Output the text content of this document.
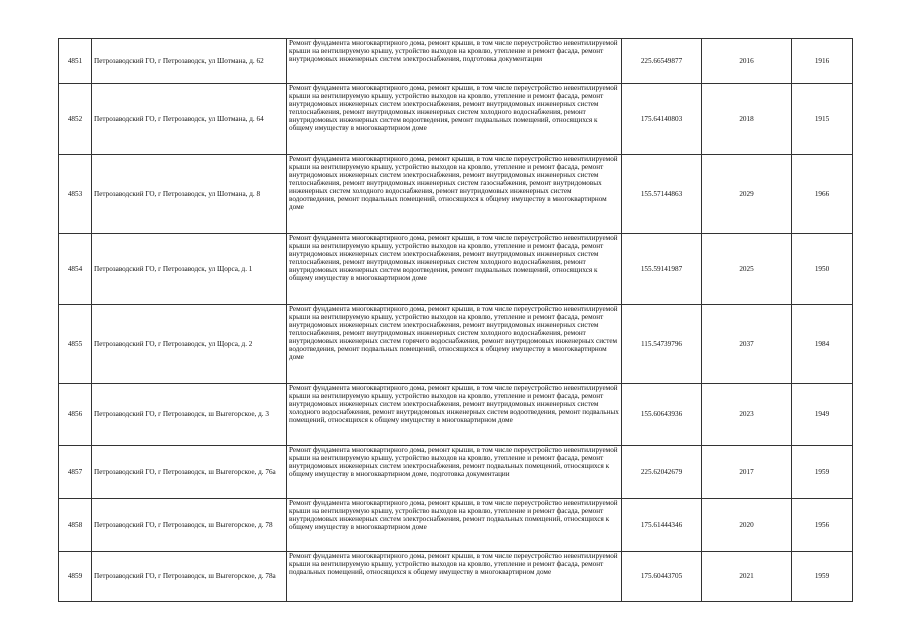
4851	Петрозаводский ГО, г Петрозаводск, ул Шотмана, д. 62	Ремонт фундамента многоквартирного дома, ремонт крыши, в том числе переустройство невентилируемой крыши на вентилируемую крышу, устройство выходов на кровлю, утепление и ремонт фасада, ремонт внутридомовых инженерных систем электроснабжения, подготовка документации	225.66549877	2016	1916
4852	Петрозаводский ГО, г Петрозаводск, ул Шотмана, д. 64	Ремонт фундамента многоквартирного дома, ремонт крыши, в том числе переустройство невентилируемой крыши на вентилируемую крышу, устройство выходов на кровлю, утепление и ремонт фасада, ремонт внутридомовых инженерных систем электроснабжения, ремонт внутридомовых инженерных систем теплоснабжения, ремонт внутридомовых инженерных систем холодного водоснабжения, ремонт внутридомовых инженерных систем водоотведения, ремонт подвальных помещений, относящихся к общему имуществу в многоквартирном доме	175.64140803	2018	1915
4853	Петрозаводский ГО, г Петрозаводск, ул Шотмана, д. 8	Ремонт фундамента многоквартирного дома, ремонт крыши, в том числе переустройство невентилируемой крыши на вентилируемую крышу, устройство выходов на кровлю, утепление и ремонт фасада, ремонт внутридомовых инженерных систем электроснабжения, ремонт внутридомовых инженерных систем теплоснабжения, ремонт внутридомовых инженерных систем газоснабжения, ремонт внутридомовых инженерных систем холодного водоснабжения, ремонт внутридомовых инженерных систем водоотведения, ремонт подвальных помещений, относящихся к общему имуществу в многоквартирном доме	155.57144863	2029	1966
4854	Петрозаводский ГО, г Петрозаводск, ул Щорса, д. 1	Ремонт фундамента многоквартирного дома, ремонт крыши, в том числе переустройство невентилируемой крыши на вентилируемую крышу, устройство выходов на кровлю, утепление и ремонт фасада, ремонт внутридомовых инженерных систем электроснабжения, ремонт внутридомовых инженерных систем теплоснабжения, ремонт внутридомовых инженерных систем холодного водоснабжения, ремонт внутридомовых инженерных систем водоотведения, ремонт подвальных помещений, относящихся к общему имуществу в многоквартирном доме	155.59141987	2025	1950
4855	Петрозаводский ГО, г Петрозаводск, ул Щорса, д. 2	Ремонт фундамента многоквартирного дома, ремонт крыши, в том числе переустройство невентилируемой крыши на вентилируемую крышу, устройство выходов на кровлю, утепление и ремонт фасада, ремонт внутридомовых инженерных систем электроснабжения, ремонт внутридомовых инженерных систем теплоснабжения, ремонт внутридомовых инженерных систем холодного водоснабжения, ремонт внутридомовых инженерных систем горячего водоснабжения, ремонт внутридомовых инженерных систем водоотведения, ремонт подвальных помещений, относящихся к общему имуществу в многоквартирном доме	115.54739796	2037	1984
4856	Петрозаводский ГО, г Петрозаводск, ш Выгегорское, д. 3	Ремонт фундамента многоквартирного дома, ремонт крыши, в том числе переустройство невентилируемой крыши на вентилируемую крышу, устройство выходов на кровлю, утепление и ремонт фасада, ремонт внутридомовых инженерных систем электроснабжения, ремонт внутридомовых инженерных систем холодного водоснабжения, ремонт внутридомовых инженерных систем водоотведения, ремонт подвальных помещений, относящихся к общему имуществу в многоквартирном доме	155.60643936	2023	1949
4857	Петрозаводский ГО, г Петрозаводск, ш Выгегорское, д. 76а	Ремонт фундамента многоквартирного дома, ремонт крыши, в том числе переустройство невентилируемой крыши на вентилируемую крышу, устройство выходов на кровлю, утепление и ремонт фасада, ремонт внутридомовых инженерных систем электроснабжения, ремонт подвальных помещений, относящихся к общему имуществу в многоквартирном доме, подготовка документации	225.62042679	2017	1959
4858	Петрозаводский ГО, г Петрозаводск, ш Выгегорское, д. 78	Ремонт фундамента многоквартирного дома, ремонт крыши, в том числе переустройство невентилируемой крыши на вентилируемую крышу, устройство выходов на кровлю, утепление и ремонт фасада, ремонт внутридомовых инженерных систем электроснабжения, ремонт подвальных помещений, относящихся к общему имуществу в многоквартирном доме	175.61444346	2020	1956
4859	Петрозаводский ГО, г Петрозаводск, ш Выгегорское, д. 78а	Ремонт фундамента многоквартирного дома, ремонт крыши, в том числе переустройство невентилируемой крыши на вентилируемую крышу, устройство выходов на кровлю, утепление и ремонт фасада, ремонт подвальных помещений, относящихся к общему имуществу в многоквартирном доме	175.60443705	2021	1959
